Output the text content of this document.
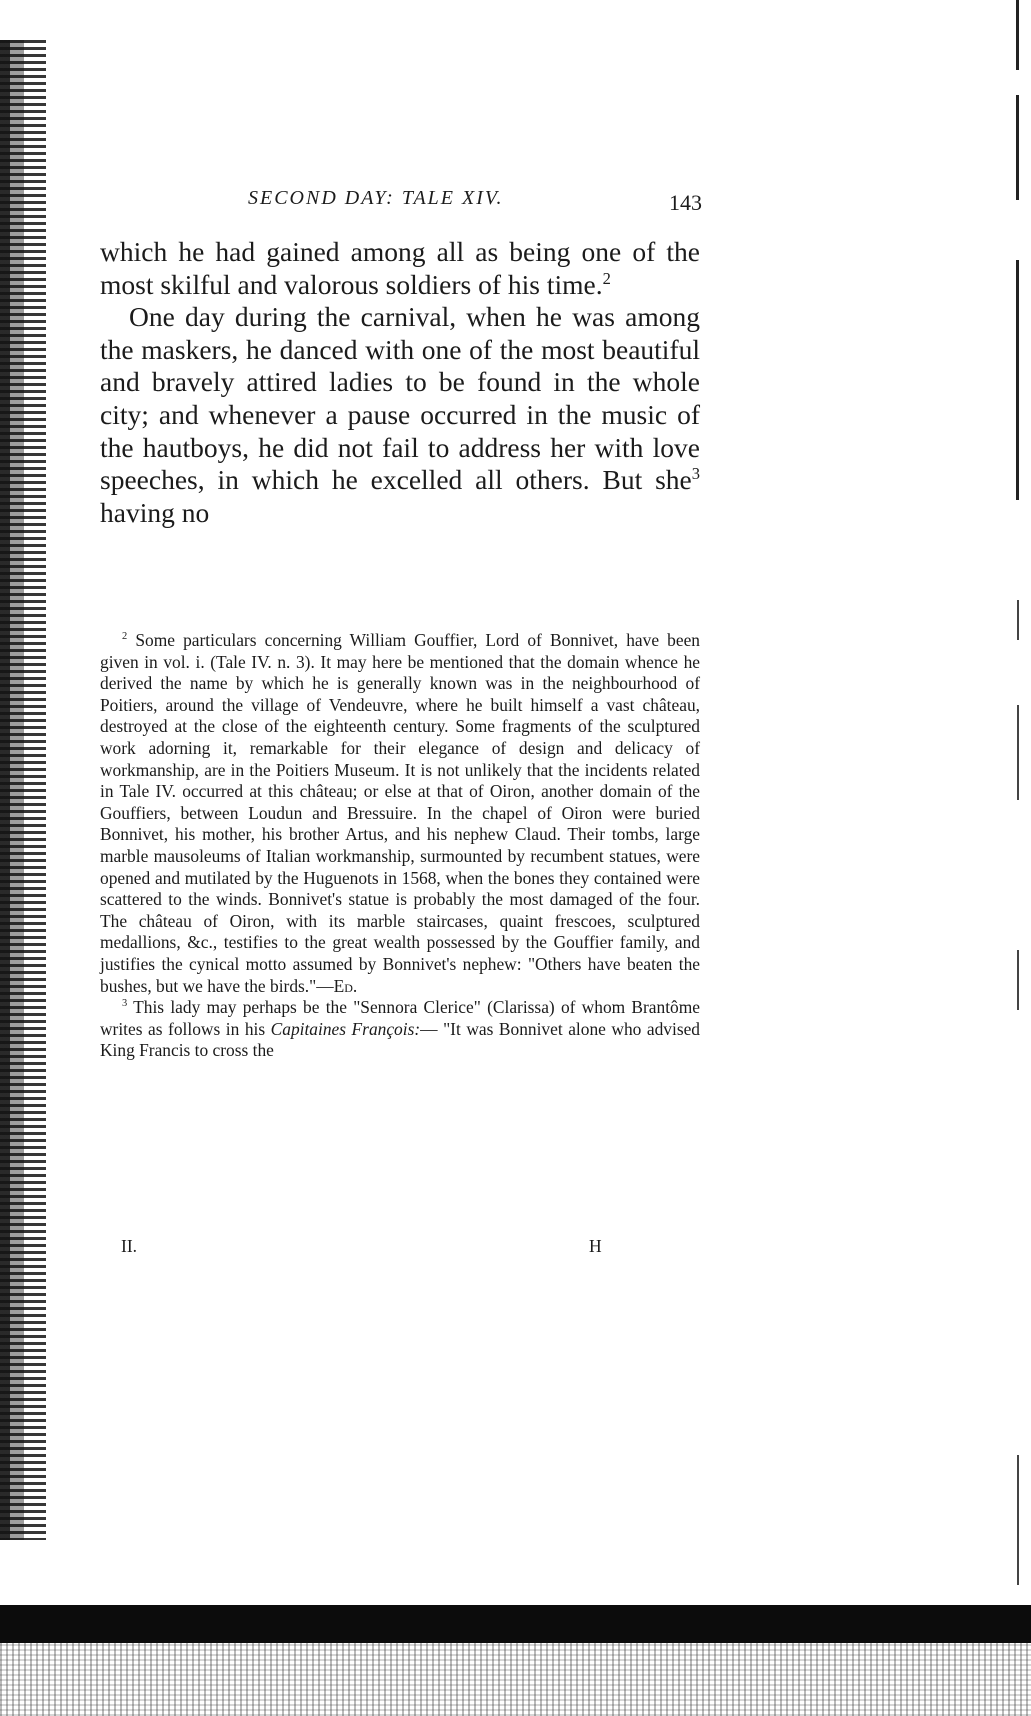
SECOND DAY: TALE XIV.	143

which he had gained among all as being one of the most skilful and valorous soldiers of his time.$^2$

One day during the carnival, when he was among the maskers, he danced with one of the most beautiful and bravely attired ladies to be found in the whole city; and whenever a pause occurred in the music of the hautboys, he did not fail to address her with love speeches, in which he excelled all others. But she$^3$ having no

$^2$ Some particulars concerning William Gouffier, Lord of Bonnivet, have been given in vol. i. (Tale IV. n. 3). It may here be mentioned that the domain whence he derived the name by which he is generally known was in the neighbourhood of Poitiers, around the village of Vendeuvre, where he built himself a vast château, destroyed at the close of the eighteenth century. Some fragments of the sculptured work adorning it, remarkable for their elegance of design and delicacy of workmanship, are in the Poitiers Museum. It is not unlikely that the incidents related in Tale IV. occurred at this château; or else at that of Oiron, another domain of the Gouffiers, between Loudun and Bressuire. In the chapel of Oiron were buried Bonnivet, his mother, his brother Artus, and his nephew Claud. Their tombs, large marble mausoleums of Italian workmanship, surmounted by recumbent statues, were opened and mutilated by the Huguenots in 1568, when the bones they contained were scattered to the winds. Bonnivet's statue is probably the most damaged of the four. The château of Oiron, with its marble staircases, quaint frescoes, sculptured medallions, &c., testifies to the great wealth possessed by the Gouffier family, and justifies the cynical motto assumed by Bonnivet's nephew: "Others have beaten the bushes, but we have the birds."—Ed.

$^3$ This lady may perhaps be the "Sennora Clerice" (Clarissa) of whom Brantôme writes as follows in his Capitaines François:— "It was Bonnivet alone who advised King Francis to cross the

II.	H
